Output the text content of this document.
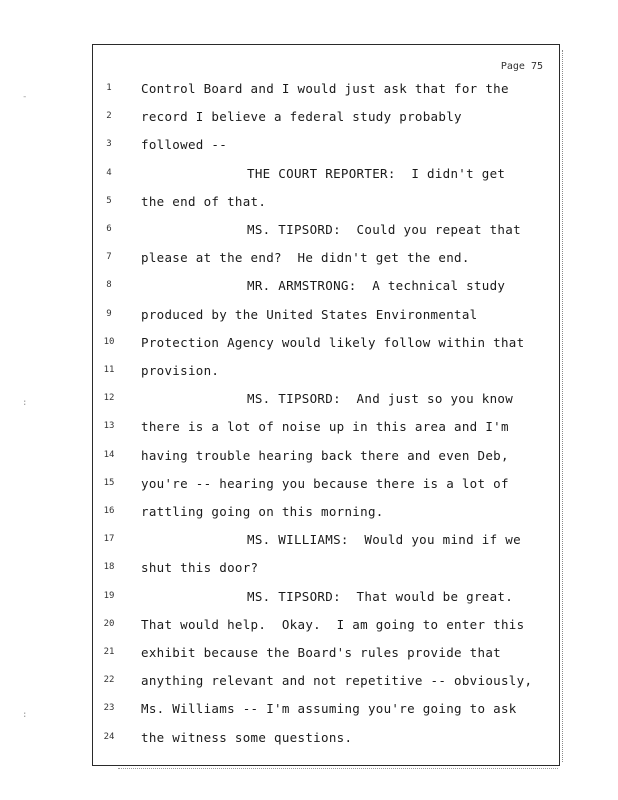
-
:
:
Page 75
1	Control Board and I would just ask that for the
2	record I believe a federal study probably
3	followed --
4	THE COURT REPORTER:  I didn't get
5	the end of that.
6	MS. TIPSORD:  Could you repeat that
7	please at the end?  He didn't get the end.
8	MR. ARMSTRONG:  A technical study
9	produced by the United States Environmental
10	Protection Agency would likely follow within that
11	provision.
12	MS. TIPSORD:  And just so you know
13	there is a lot of noise up in this area and I'm
14	having trouble hearing back there and even Deb,
15	you're -- hearing you because there is a lot of
16	rattling going on this morning.
17	MS. WILLIAMS:  Would you mind if we
18	shut this door?
19	MS. TIPSORD:  That would be great.
20	That would help.  Okay.  I am going to enter this
21	exhibit because the Board's rules provide that
22	anything relevant and not repetitive -- obviously,
23	Ms. Williams -- I'm assuming you're going to ask
24	the witness some questions.
